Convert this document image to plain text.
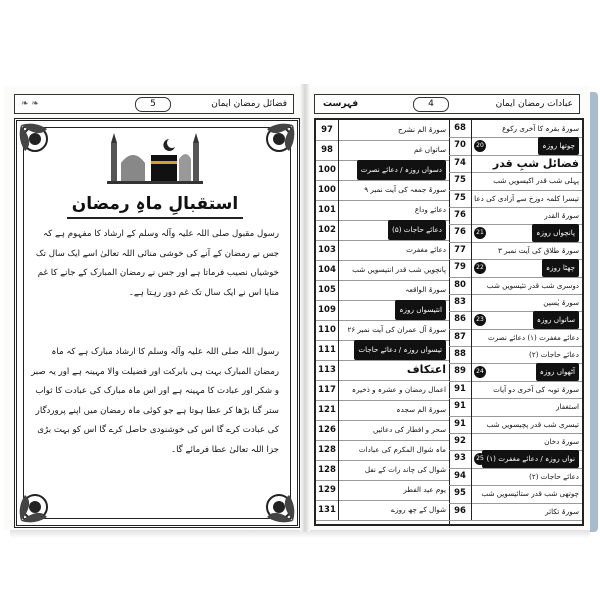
❧ ❧	5	فضائل رمضان ایمان
استقبالِ ماہِ رمضان
رسول مقبول صلی اللہ علیہ وآلہ وسلم کے ارشاد کا مفہوم ہے کہ جس نے رمضان کے آنے کی خوشی منائی اللہ تعالیٰ اسے ایک سال تک خوشیاں نصیب فرماتا ہے اور جس نے رمضان المبارک کے جانے کا غم منایا اس نے ایک سال تک غم دور رہتا ہے۔
رسول اللہ صلی اللہ علیہ وآلہ وسلم کا ارشاد مبارک ہے کہ ماہ رمضان المبارک بہت ہی بابرکت اور فضیلت والا مہینہ ہے اور یہ صبر و شکر اور عبادت کا مہینہ ہے اور اس ماہ مبارک کی عبادت کا ثواب ستر گنا بڑھا کر عطا ہوتا ہے جو کوئی ماہ رمضان میں اپنے پروردگار کی عبادت کرے گا اس کی خوشنودی حاصل کرے گا اس کو بہت بڑی جزا اللہ تعالیٰ عطا فرمائے گا۔
4
فہرست	عبادات رمضان ایمان
97	سورۃ الم نشرح
98	ساتواں غم
100	دسواں روزہ / دعائے نصرت
100	سورۃ جمعہ کی آیت نمبر ۹
101	دعائے وداع
102	دعائے حاجات (۵)
103	دعائے مغفرت
104	پانچویں شب قدر انتیسویں شب
105	سورۃ الواقعہ
109	انتیسواں روزہ
110	سورۃ آل عمران کی آیت نمبر ۲۶
111	تیسواں روزہ / دعائے حاجات
113	اعتکاف
117	اعمال رمضان و عشرہ و ذخیرہ
121	سورۃ الم سجدہ
126	سحر و افطار کی دعائیں
128	ماہ شوال المکرم کی عبادات
128	شوال کی چاند رات کے نفل
129	یوم عید الفطر
131	شوال کے چھ روزے
68	سورۃ بقرہ کا آخری رکوع
70	چوتھا روزہ
20
74	فضائل شبِ قدر
75	پہلی شب قدر اکیسویں شب
75	تیسرا کلمہ دوزخ سے آزادی کی دعا
76	سورۃ القدر
76	پانچواں روزہ
21
77	سورۃ طلاق کی آیت نمبر ۳
79	چھٹا روزہ
22
80	دوسری شب قدر تئیسویں شب
83	سورۃ یٰسین
86	ساتواں روزہ
23
87	دعائے مغفرت (۱) دعائے نصرت
88	دعائے حاجات (۲)
89	آٹھواں روزہ
24
91	سورۃ توبہ کی آخری دو آیات
91	استغفار
91	تیسری شب قدر پچیسویں شب
92	سورۃ دخان
93	نواں روزہ / دعائے مغفرت (۱)
25
94	دعائے حاجات (۲)
95	چوتھی شب قدر ستائیسویں شب
96	سورۃ تکاثر
